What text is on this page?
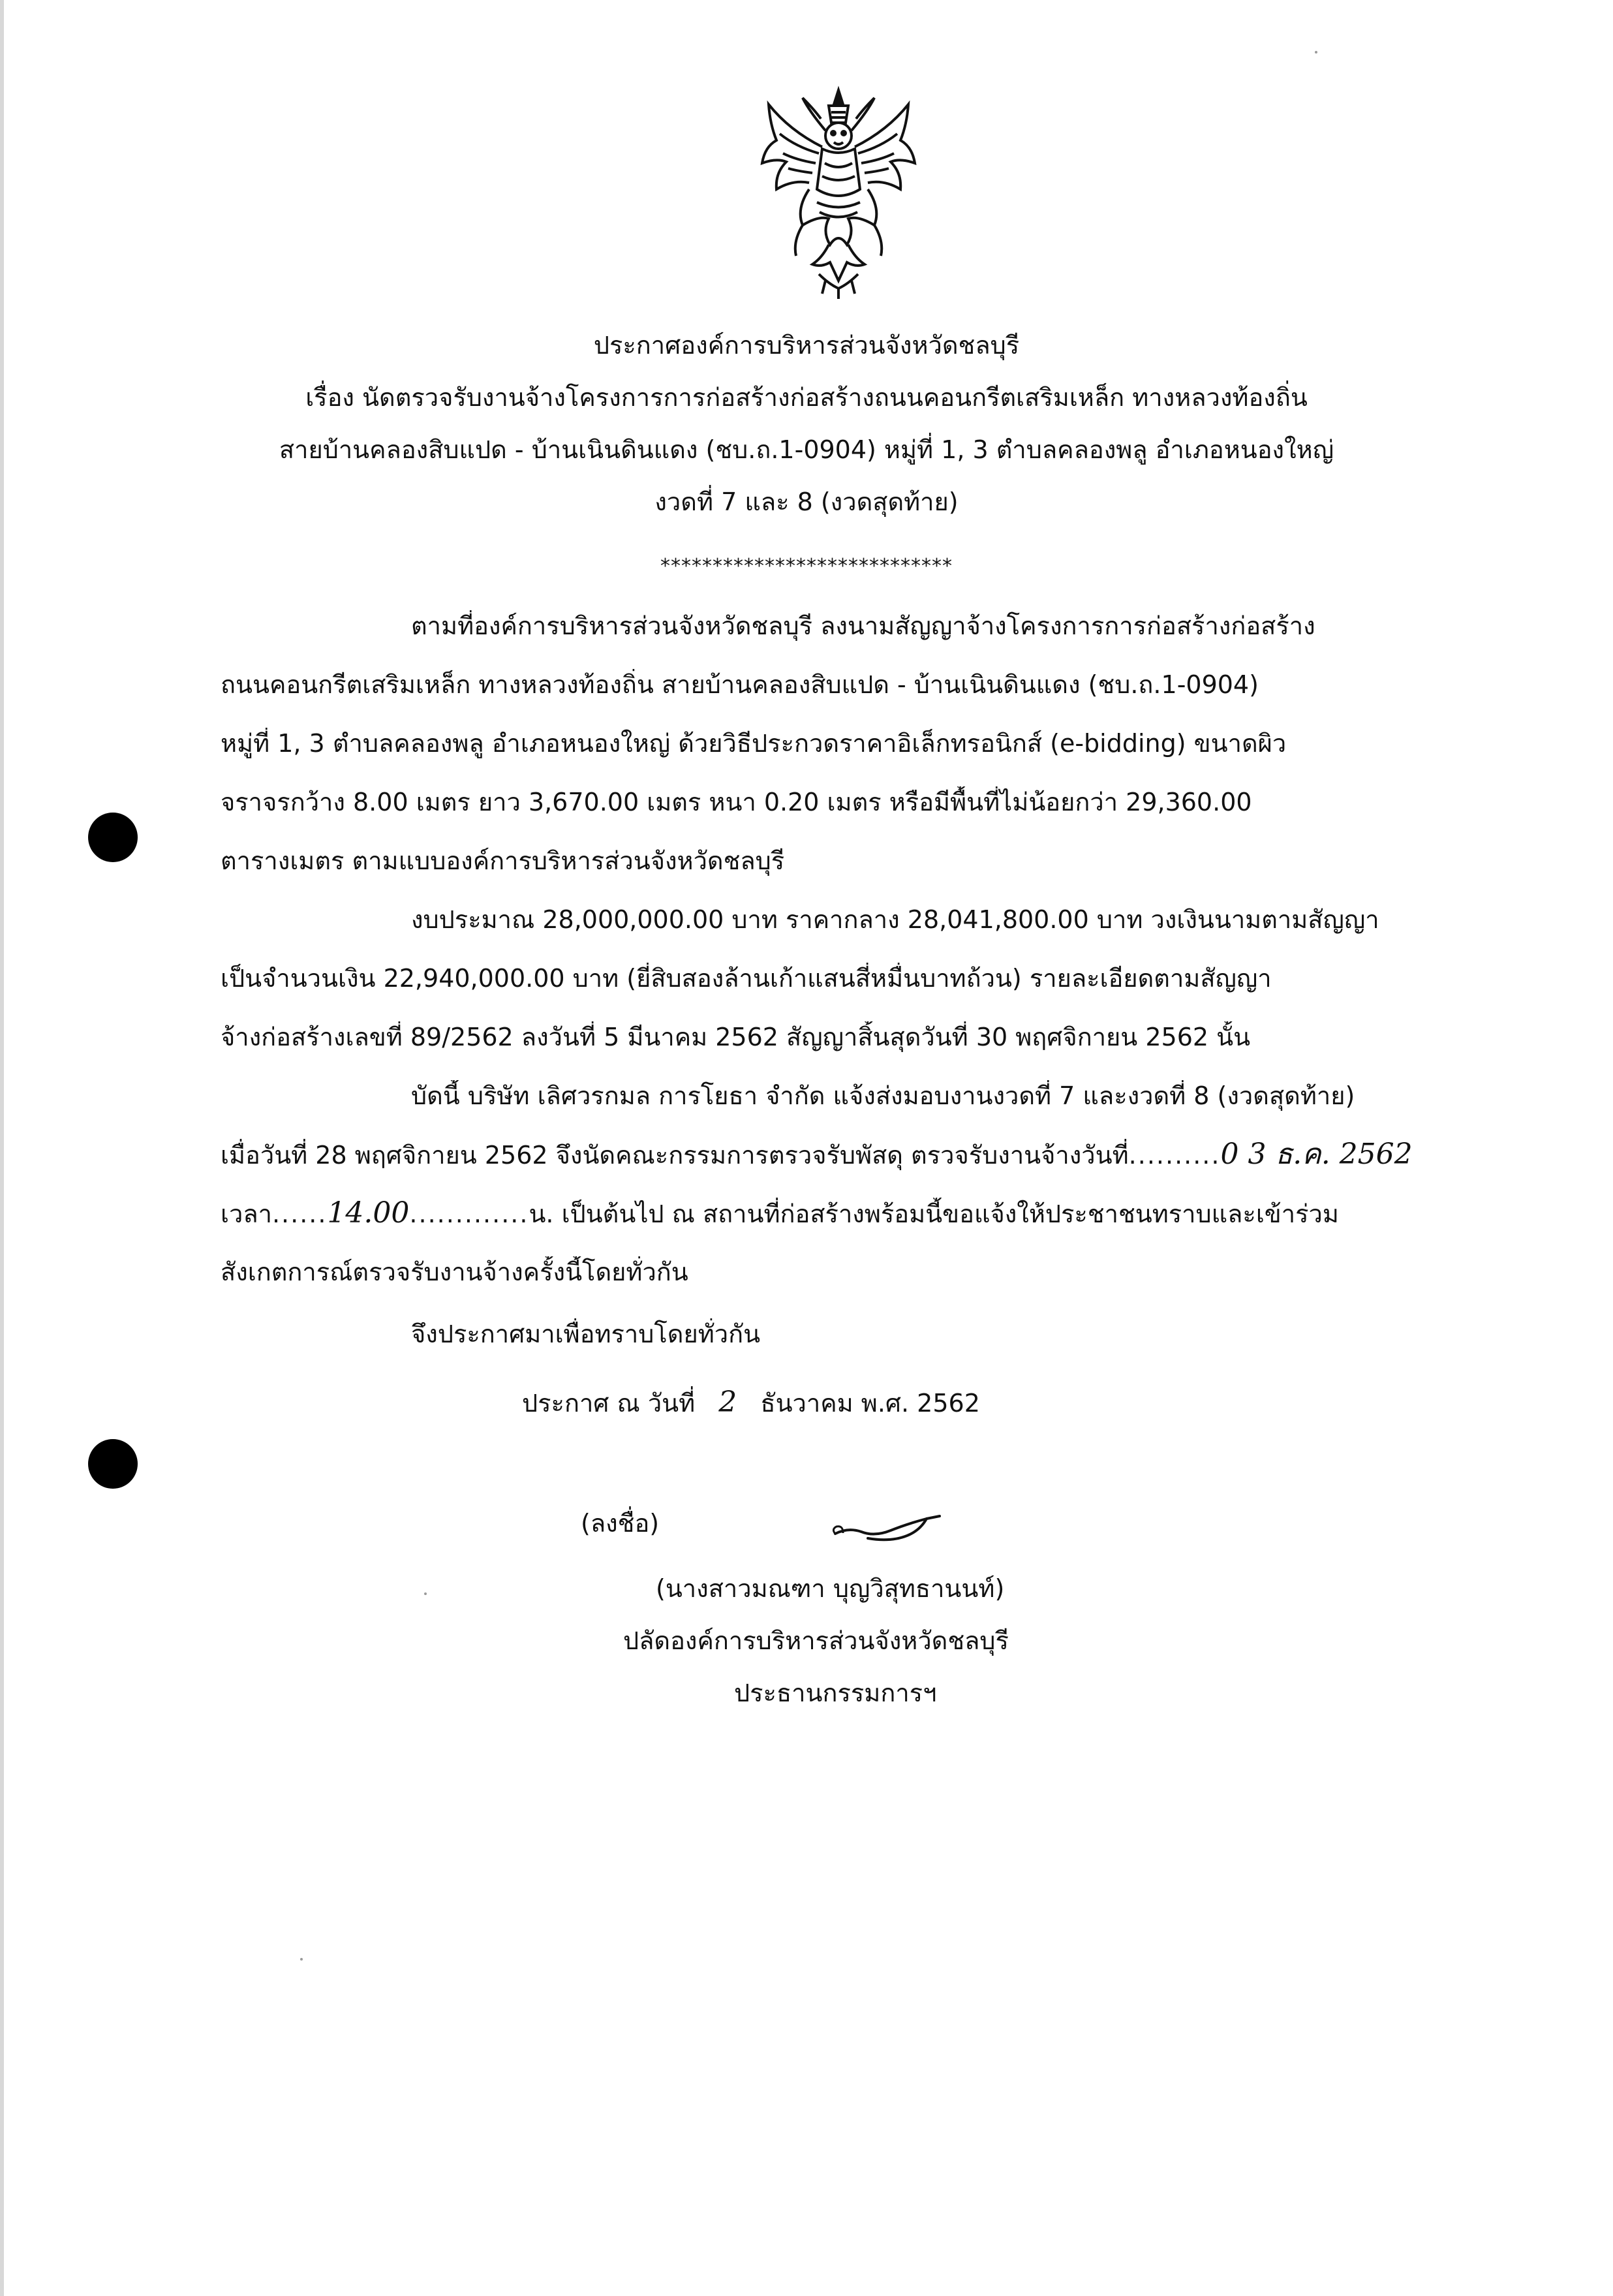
ประกาศองค์การบริหารส่วนจังหวัดชลบุรี
เรื่อง นัดตรวจรับงานจ้างโครงการการก่อสร้างก่อสร้างถนนคอนกรีตเสริมเหล็ก ทางหลวงท้องถิ่น
สายบ้านคลองสิบแปด - บ้านเนินดินแดง (ชบ.ถ.1-0904) หมู่ที่ 1, 3 ตำบลคลองพลู อำเภอหนองใหญ่
งวดที่ 7 และ 8 (งวดสุดท้าย)
****************************
ตามที่องค์การบริหารส่วนจังหวัดชลบุรี ลงนามสัญญาจ้างโครงการการก่อสร้างก่อสร้าง
ถนนคอนกรีตเสริมเหล็ก ทางหลวงท้องถิ่น สายบ้านคลองสิบแปด - บ้านเนินดินแดง (ชบ.ถ.1-0904)
หมู่ที่ 1, 3 ตำบลคลองพลู อำเภอหนองใหญ่ ด้วยวิธีประกวดราคาอิเล็กทรอนิกส์ (e-bidding) ขนาดผิว
จราจรกว้าง 8.00 เมตร ยาว 3,670.00 เมตร หนา 0.20 เมตร หรือมีพื้นที่ไม่น้อยกว่า 29,360.00
ตารางเมตร ตามแบบองค์การบริหารส่วนจังหวัดชลบุรี
งบประมาณ 28,000,000.00 บาท ราคากลาง 28,041,800.00 บาท วงเงินนามตามสัญญา
เป็นจำนวนเงิน 22,940,000.00 บาท (ยี่สิบสองล้านเก้าแสนสี่หมื่นบาทถ้วน) รายละเอียดตามสัญญา
จ้างก่อสร้างเลขที่ 89/2562 ลงวันที่ 5 มีนาคม 2562 สัญญาสิ้นสุดวันที่ 30 พฤศจิกายน 2562 นั้น
บัดนี้ บริษัท เลิศวรกมล การโยธา จำกัด แจ้งส่งมอบงานงวดที่ 7 และงวดที่ 8 (งวดสุดท้าย)
เมื่อวันที่ 28 พฤศจิกายน 2562 จึงนัดคณะกรรมการตรวจรับพัสดุ ตรวจรับงานจ้างวันที่..........0 3 ธ.ค. 2562
เวลา......14.00.............น. เป็นต้นไป ณ สถานที่ก่อสร้างพร้อมนี้ขอแจ้งให้ประชาชนทราบและเข้าร่วม
สังเกตการณ์ตรวจรับงานจ้างครั้งนี้โดยทั่วกัน
จึงประกาศมาเพื่อทราบโดยทั่วกัน
ประกาศ ณ วันที่ 2 ธันวาคม พ.ศ. 2562
(ลงชื่อ)
(นางสาวมณฑา บุญวิสุทธานนท์)
ปลัดองค์การบริหารส่วนจังหวัดชลบุรี
ประธานกรรมการฯ
